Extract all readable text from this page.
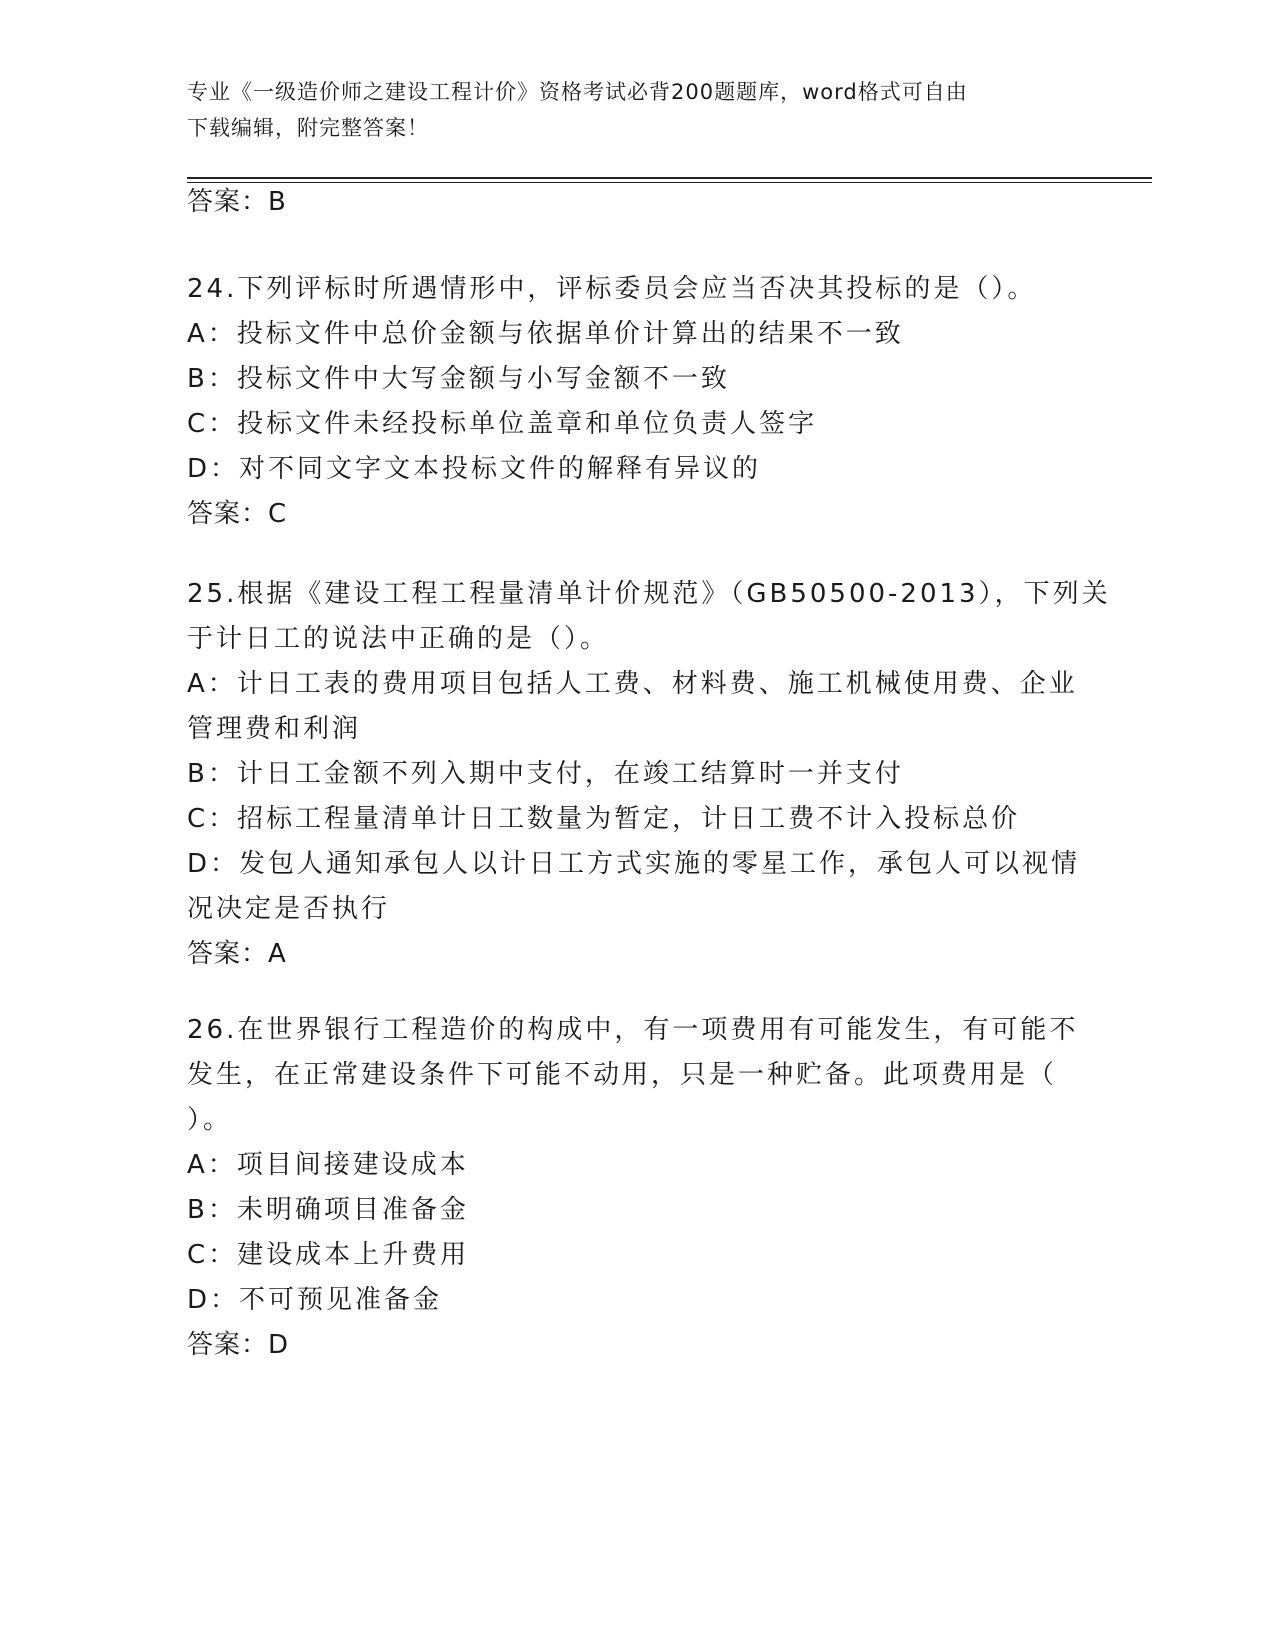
专业《一级造价师之建设工程计价》资格考试必背200题题库，word格式可自由
下载编辑，附完整答案！
答案：B
24.下列评标时所遇情形中，评标委员会应当否决其投标的是（）。
A：投标文件中总价金额与依据单价计算出的结果不一致
B：投标文件中大写金额与小写金额不一致
C：投标文件未经投标单位盖章和单位负责人签字
D：对不同文字文本投标文件的解释有异议的
答案：C
25.根据《建设工程工程量清单计价规范》（GB50500-2013），下列关
于计日工的说法中正确的是（）。
A：计日工表的费用项目包括人工费、材料费、施工机械使用费、企业
管理费和利润
B：计日工金额不列入期中支付，在竣工结算时一并支付
C：招标工程量清单计日工数量为暂定，计日工费不计入投标总价
D：发包人通知承包人以计日工方式实施的零星工作，承包人可以视情
况决定是否执行
答案：A
26.在世界银行工程造价的构成中，有一项费用有可能发生，有可能不
发生，在正常建设条件下可能不动用，只是一种贮备。此项费用是（
）。
A：项目间接建设成本
B：未明确项目准备金
C：建设成本上升费用
D：不可预见准备金
答案：D
